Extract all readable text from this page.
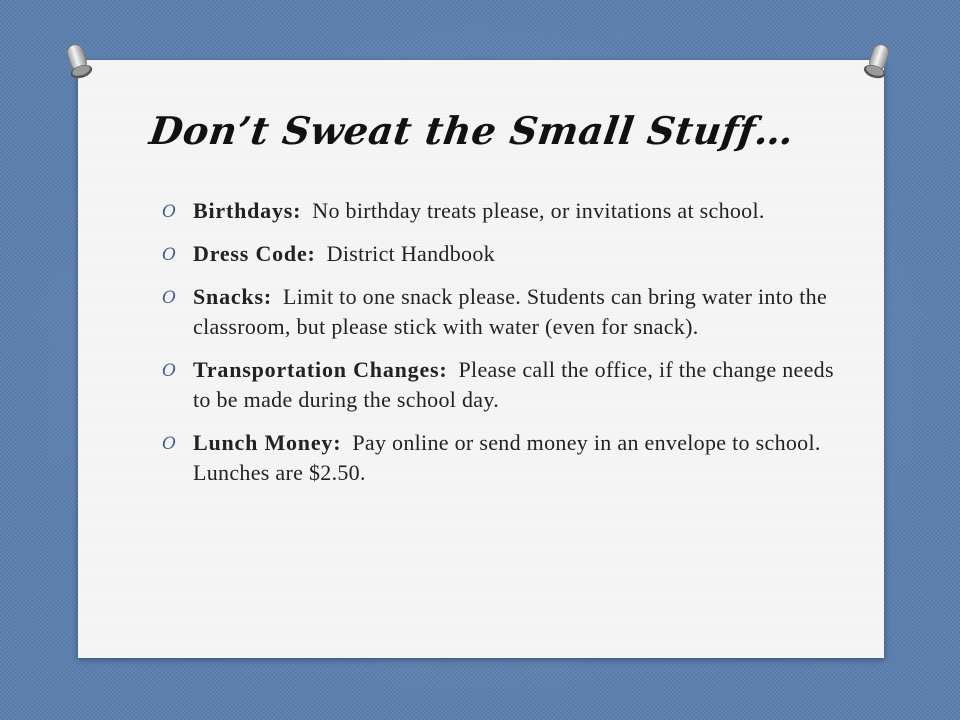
Don’t Sweat the Small Stuff…
O Birthdays: No birthday treats please, or invitations at school.
O Dress Code: District Handbook
O Snacks: Limit to one snack please. Students can bring water into the classroom, but please stick with water (even for snack).
O Transportation Changes: Please call the office, if the change needs to be made during the school day.
O Lunch Money: Pay online or send money in an envelope to school. Lunches are $2.50.
